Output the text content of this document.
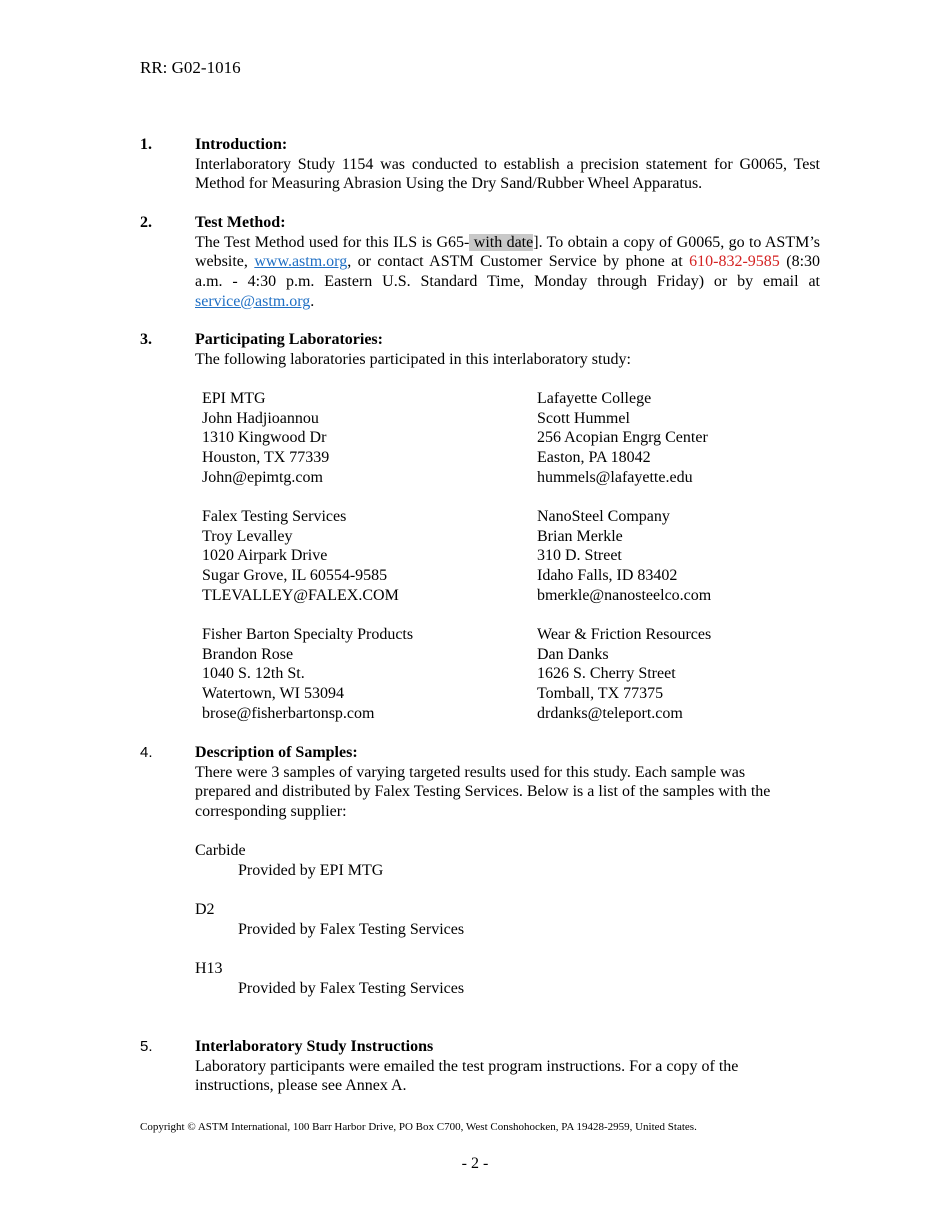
RR: G02-1016
1.	Introduction:
Interlaboratory Study 1154 was conducted to establish a precision statement for G0065, Test Method for Measuring Abrasion Using the Dry Sand/Rubber Wheel Apparatus.
2.	Test Method:
The Test Method used for this ILS is G65- with date]. To obtain a copy of G0065, go to ASTM’s website, www.astm.org, or contact ASTM Customer Service by phone at 610-832-9585 (8:30 a.m. - 4:30 p.m. Eastern U.S. Standard Time, Monday through Friday) or by email at service@astm.org.
3.	Participating Laboratories:
The following laboratories participated in this interlaboratory study:
EPI MTG
John Hadjioannou
1310 Kingwood Dr
Houston, TX 77339
John@epimtg.com
Lafayette College
Scott Hummel
256 Acopian Engrg Center
Easton, PA 18042
hummels@lafayette.edu
Falex Testing Services
Troy Levalley
1020 Airpark Drive
Sugar Grove, IL 60554-9585
TLEVALLEY@FALEX.COM
NanoSteel Company
Brian Merkle
310 D. Street
Idaho Falls, ID 83402
bmerkle@nanosteelco.com
Fisher Barton Specialty Products
Brandon Rose
1040 S. 12th St.
Watertown, WI 53094
brose@fisherbartonsp.com
Wear & Friction Resources
Dan Danks
1626 S. Cherry Street
Tomball, TX 77375
drdanks@teleport.com
4.	Description of Samples:
There were 3 samples of varying targeted results used for this study. Each sample was prepared and distributed by Falex Testing Services. Below is a list of the samples with the corresponding supplier:
Carbide
Provided by EPI MTG
D2
Provided by Falex Testing Services
H13
Provided by Falex Testing Services
5.	Interlaboratory Study Instructions
Laboratory participants were emailed the test program instructions. For a copy of the instructions, please see Annex A.
Copyright © ASTM International, 100 Barr Harbor Drive, PO Box C700, West Conshohocken, PA 19428-2959, United States.
- 2 -
